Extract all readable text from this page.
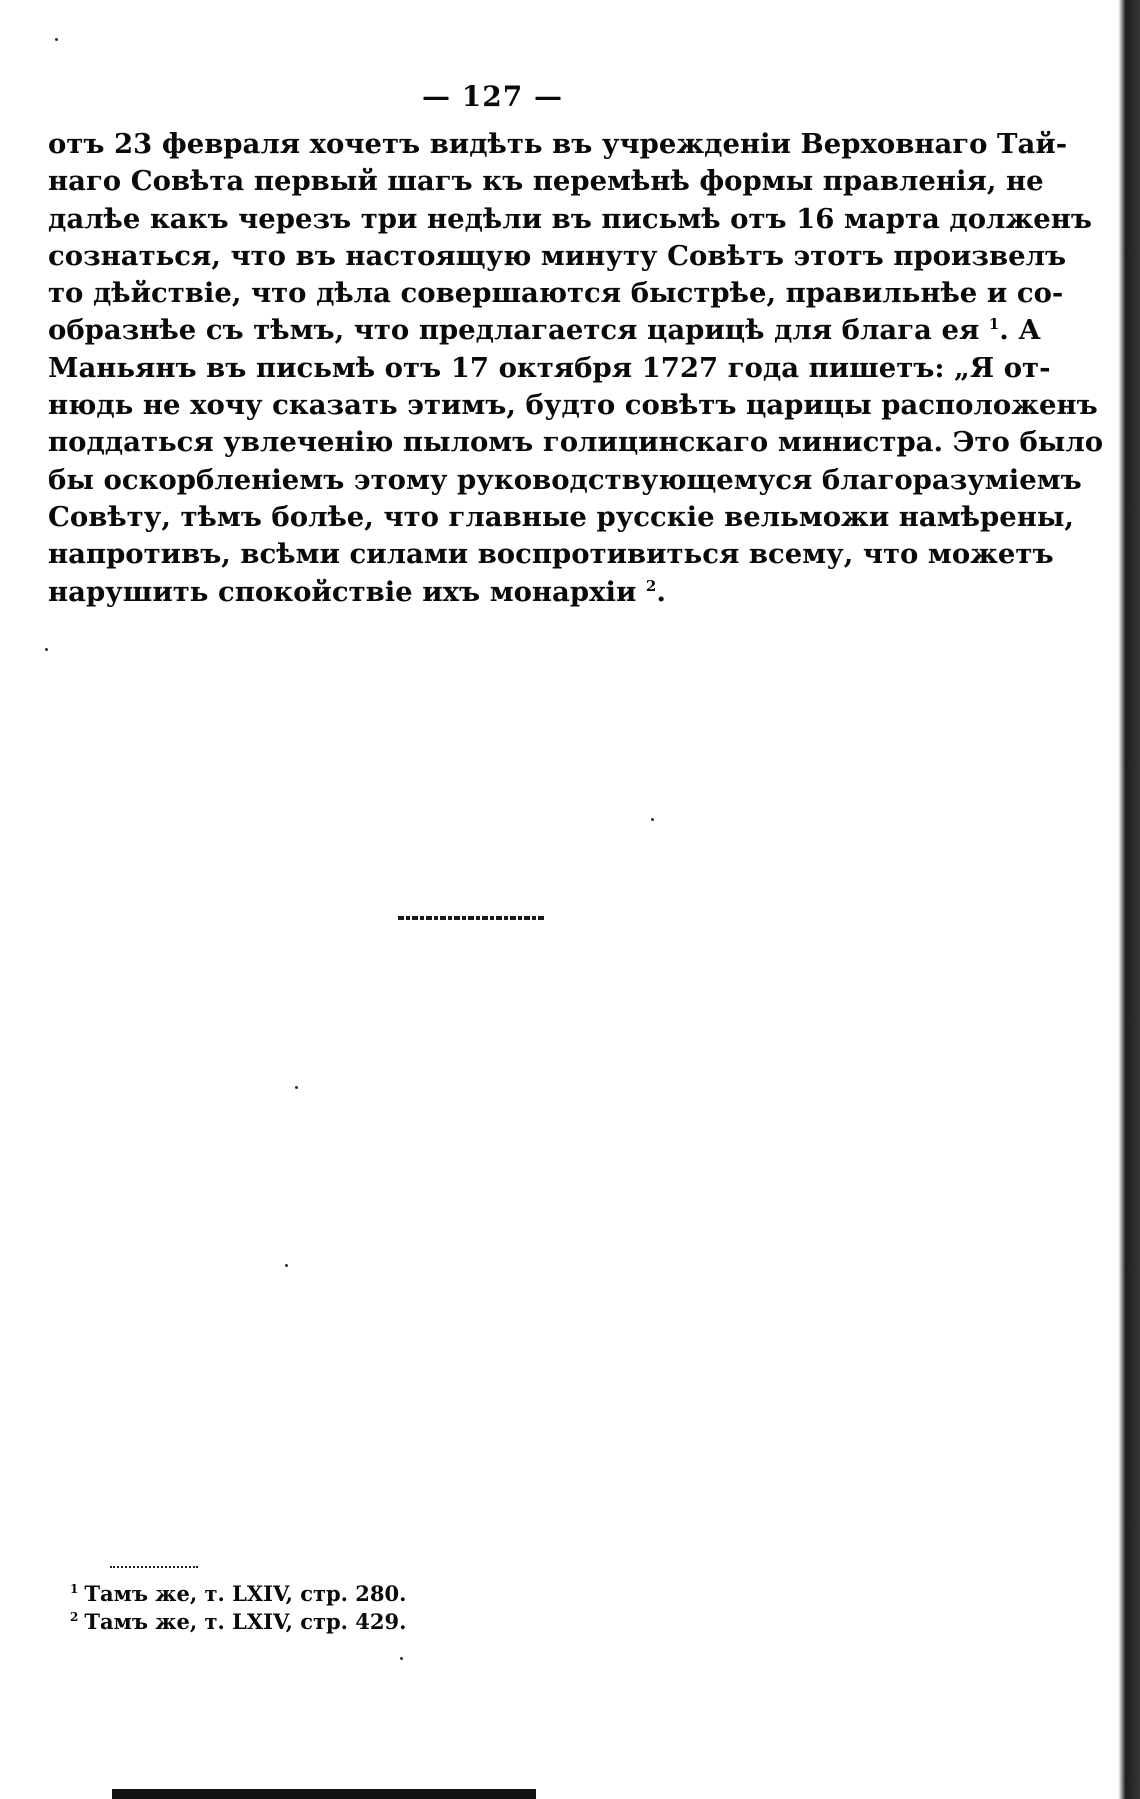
— 127 —
отъ 23 февраля хочетъ видѣть въ учрежденіи Верховнаго Тай-
наго Совѣта первый шагъ къ перемѣнѣ формы правленія, не
далѣе какъ черезъ три недѣли въ письмѣ отъ 16 марта долженъ
сознаться, что въ настоящую минуту Совѣтъ этотъ произвелъ
то дѣйствіе, что дѣла совершаются быстрѣе, правильнѣе и со-
образнѣе съ тѣмъ, что предлагается царицѣ для блага ея $^1$. А
Маньянъ въ письмѣ отъ 17 октября 1727 года пишетъ: „Я от-
нюдь не хочу сказать этимъ, будто совѣтъ царицы расположенъ
поддаться увлеченію пыломъ голицинскаго министра. Это было
бы оскорбленіемъ этому руководствующемуся благоразуміемъ
Совѣту, тѣмъ болѣе, что главные русскіе вельможи намѣрены,
напротивъ, всѣми силами воспротивиться всему, что можетъ
нарушить спокойствіе ихъ монархіи $^2$.
$^1$ Тамъ же, т. LXIV, стр. 280.
$^2$ Тамъ же, т. LXIV, стр. 429.
